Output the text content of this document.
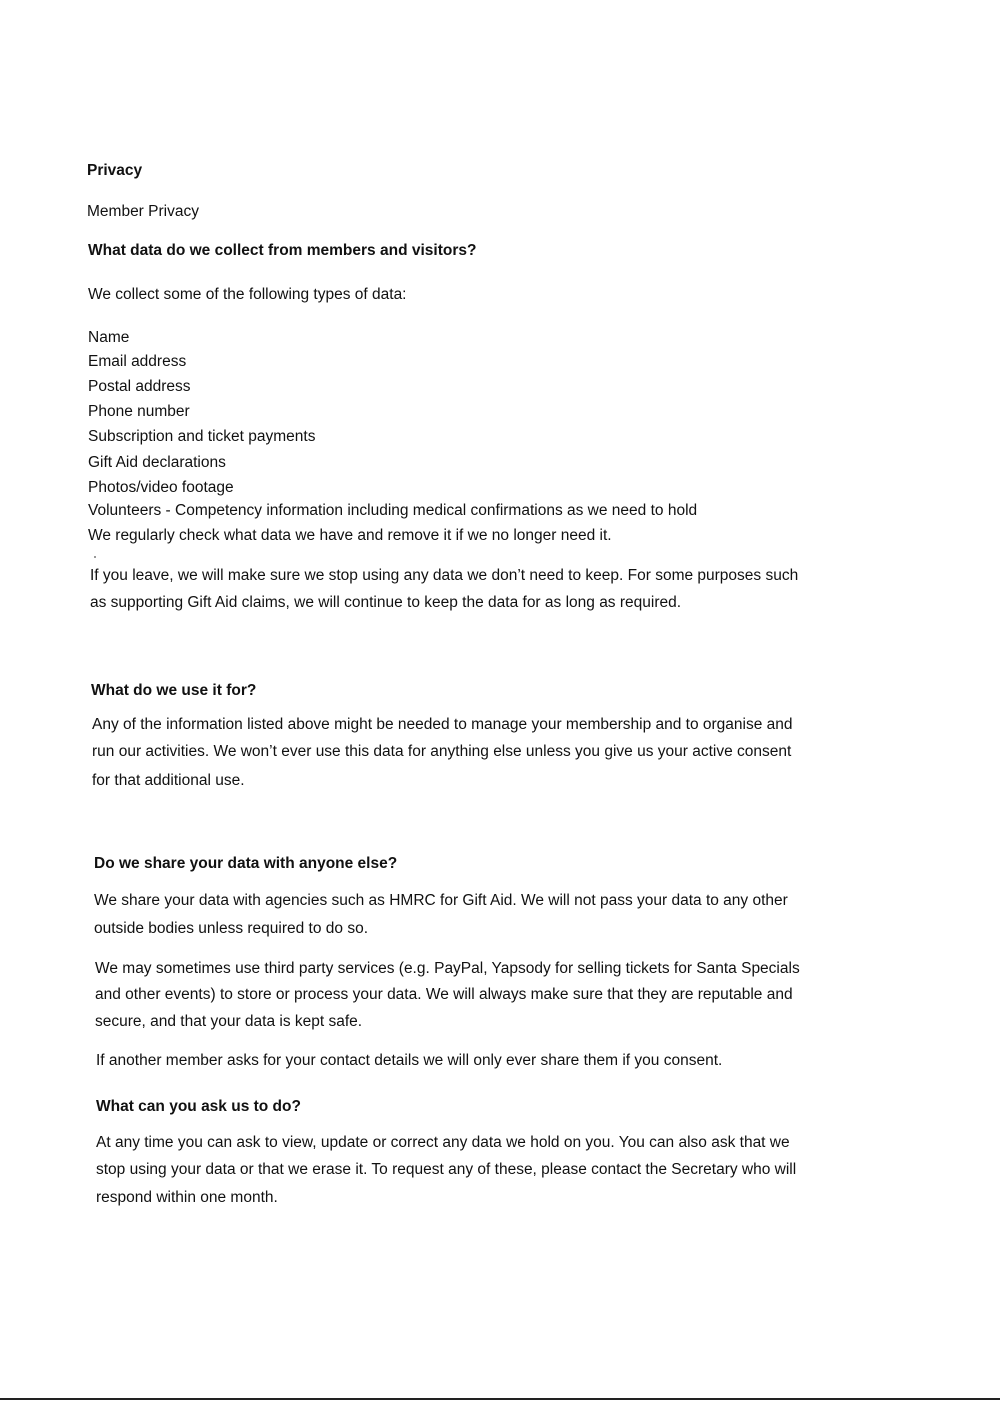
Privacy
Member Privacy
What data do we collect from members and visitors?
We collect some of the following types of data:
Name
Email address
Postal address
Phone number
Subscription and ticket payments
Gift Aid declarations
Photos/video footage
Volunteers - Competency information including medical confirmations as we need to hold
We regularly check what data we have and remove it if we no longer need it.
If you leave, we will make sure we stop using any data we don’t need to keep. For some purposes such
as supporting Gift Aid claims, we will continue to keep the data for as long as required.
What do we use it for?
Any of the information listed above might be needed to manage your membership and to organise and
run our activities. We won’t ever use this data for anything else unless you give us your active consent
for that additional use.
Do we share your data with anyone else?
We share your data with agencies such as HMRC for Gift Aid. We will not pass your data to any other
outside bodies unless required to do so.
We may sometimes use third party services (e.g. PayPal, Yapsody for selling tickets for Santa Specials
and other events) to store or process your data. We will always make sure that they are reputable and
secure, and that your data is kept safe.
If another member asks for your contact details we will only ever share them if you consent.
What can you ask us to do?
At any time you can ask to view, update or correct any data we hold on you. You can also ask that we
stop using your data or that we erase it. To request any of these, please contact the Secretary who will
respond within one month.
